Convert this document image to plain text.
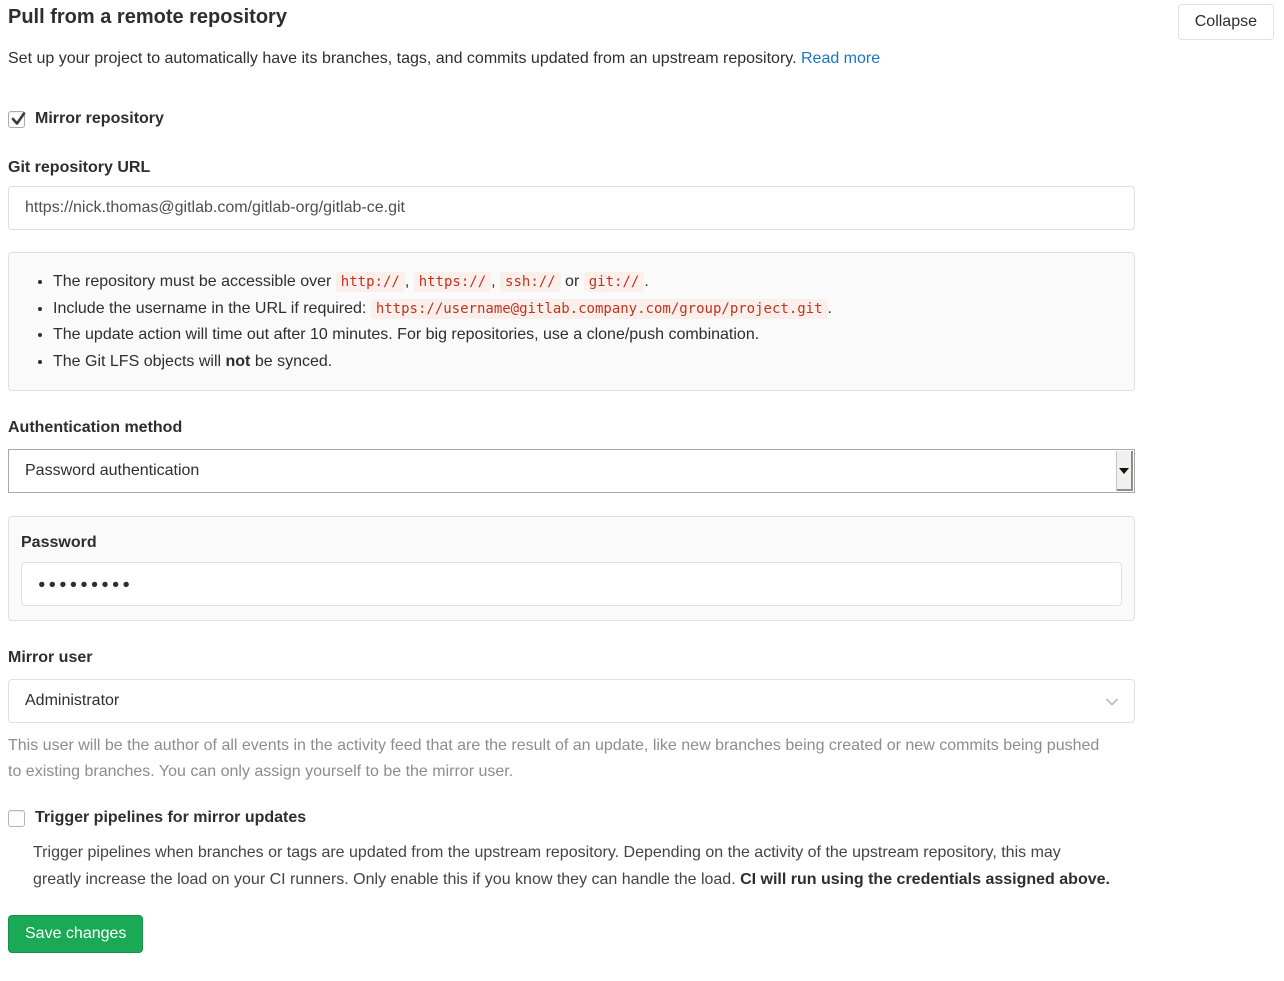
Pull from a remote repository	Collapse

Set up your project to automatically have its branches, tags, and commits updated from an upstream repository. Read more

Mirror repository
Git repository URL
https://nick.thomas@gitlab.com/gitlab-org/gitlab-ce.git
• The repository must be accessible over http:// , https:// , ssh:// or git:// .
• Include the username in the URL if required: https://username@gitlab.company.com/group/project.git .
• The update action will time out after 10 minutes. For big repositories, use a clone/push combination.
• The Git LFS objects will not be synced.
Authentication method
Password authentication
Password
●●●●●●●●●
Mirror user
Administrator

This user will be the author of all events in the activity feed that are the result of an update, like new branches being created or new commits being pushed to existing branches. You can only assign yourself to be the mirror user.

Trigger pipelines for mirror updates

Trigger pipelines when branches or tags are updated from the upstream repository. Depending on the activity of the upstream repository, this may greatly increase the load on your CI runners. Only enable this if you know they can handle the load. CI will run using the credentials assigned above.

Save changes
